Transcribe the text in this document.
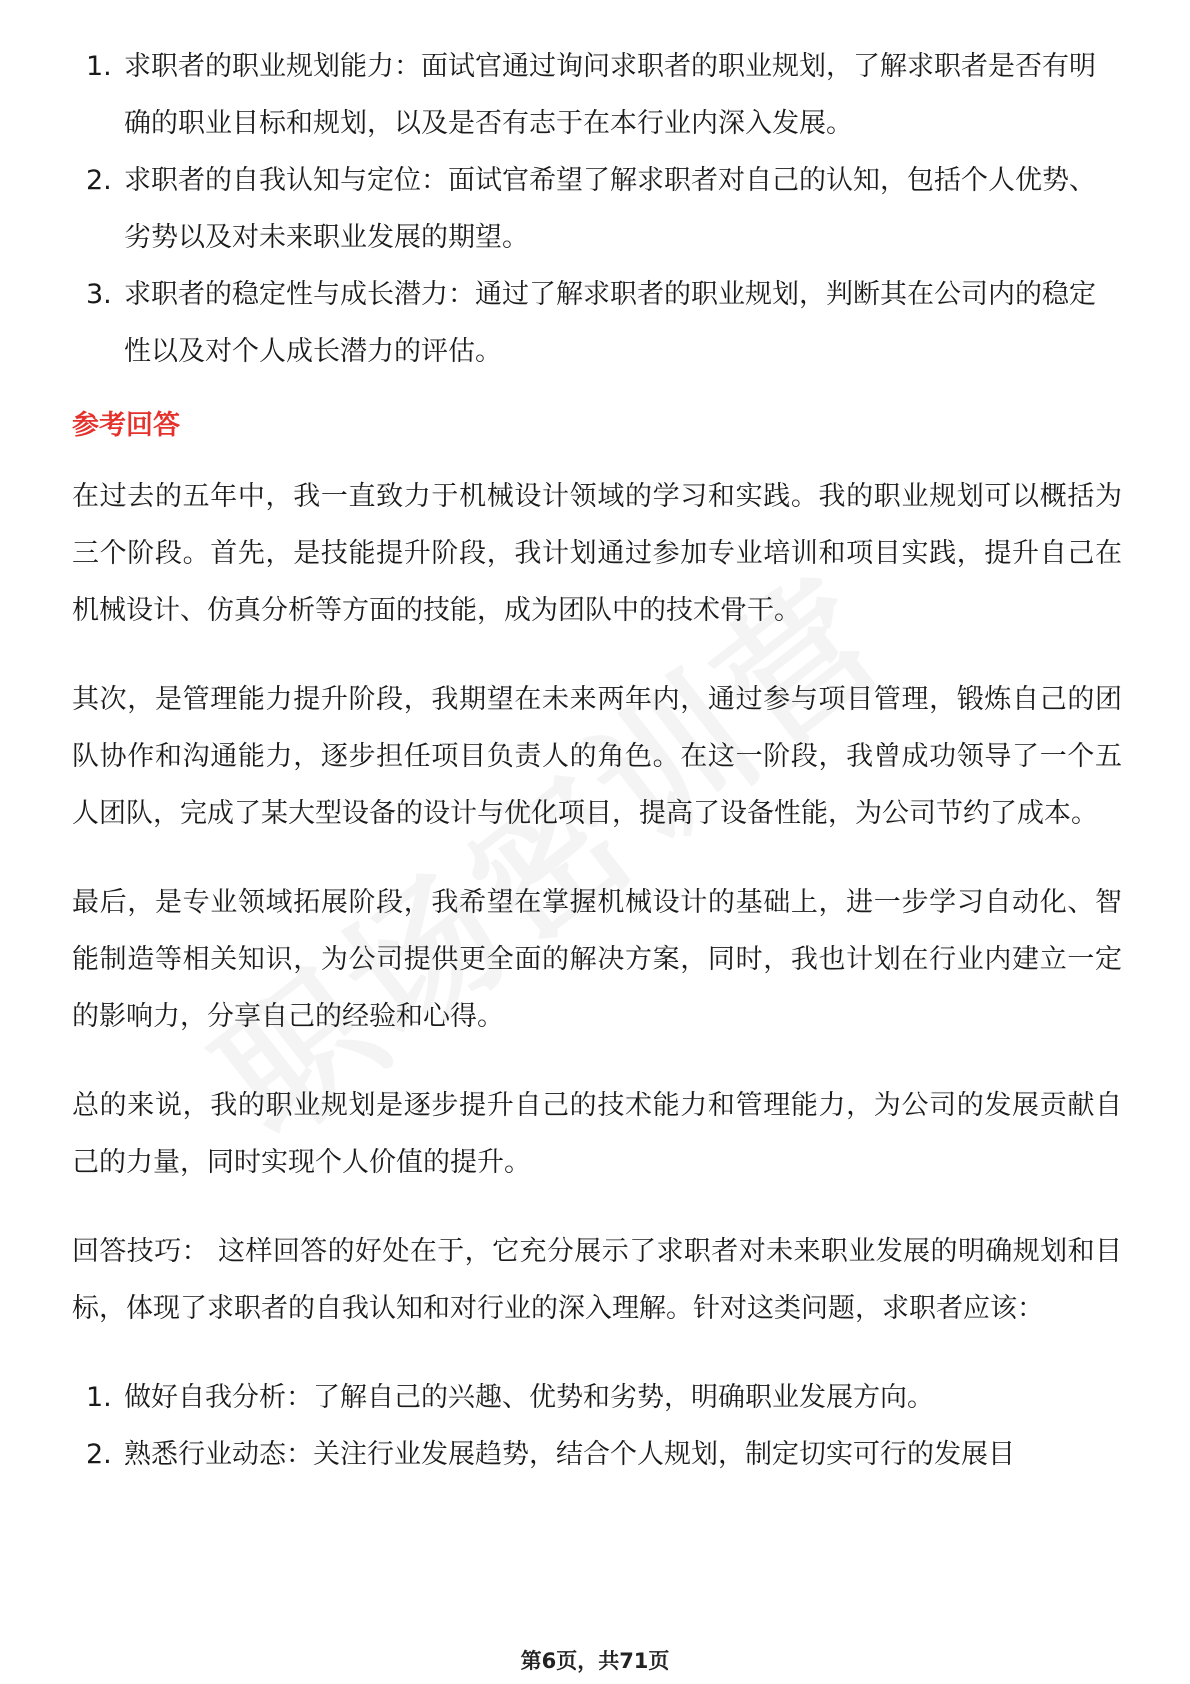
1. 求职者的职业规划能力：面试官通过询问求职者的职业规划，了解求职者是否有明确的职业目标和规划，以及是否有志于在本行业内深入发展。
2. 求职者的自我认知与定位：面试官希望了解求职者对自己的认知，包括个人优势、劣势以及对未来职业发展的期望。
3. 求职者的稳定性与成长潜力：通过了解求职者的职业规划，判断其在公司内的稳定性以及对个人成长潜力的评估。
参考回答

在过去的五年中，我一直致力于机械设计领域的学习和实践。我的职业规划可以概括为三个阶段。首先，是技能提升阶段，我计划通过参加专业培训和项目实践，提升自己在机械设计、仿真分析等方面的技能，成为团队中的技术骨干。

其次，是管理能力提升阶段，我期望在未来两年内，通过参与项目管理，锻炼自己的团队协作和沟通能力，逐步担任项目负责人的角色。在这一阶段，我曾成功领导了一个五人团队，完成了某大型设备的设计与优化项目，提高了设备性能，为公司节约了成本。

最后，是专业领域拓展阶段，我希望在掌握机械设计的基础上，进一步学习自动化、智能制造等相关知识，为公司提供更全面的解决方案，同时，我也计划在行业内建立一定的影响力，分享自己的经验和心得。

总的来说，我的职业规划是逐步提升自己的技术能力和管理能力，为公司的发展贡献自己的力量，同时实现个人价值的提升。

回答技巧： 这样回答的好处在于，它充分展示了求职者对未来职业发展的明确规划和目标，体现了求职者的自我认知和对行业的深入理解。针对这类问题，求职者应该：

1. 做好自我分析：了解自己的兴趣、优势和劣势，明确职业发展方向。
2. 熟悉行业动态：关注行业发展趋势，结合个人规划，制定切实可行的发展目
第6页，共71页
